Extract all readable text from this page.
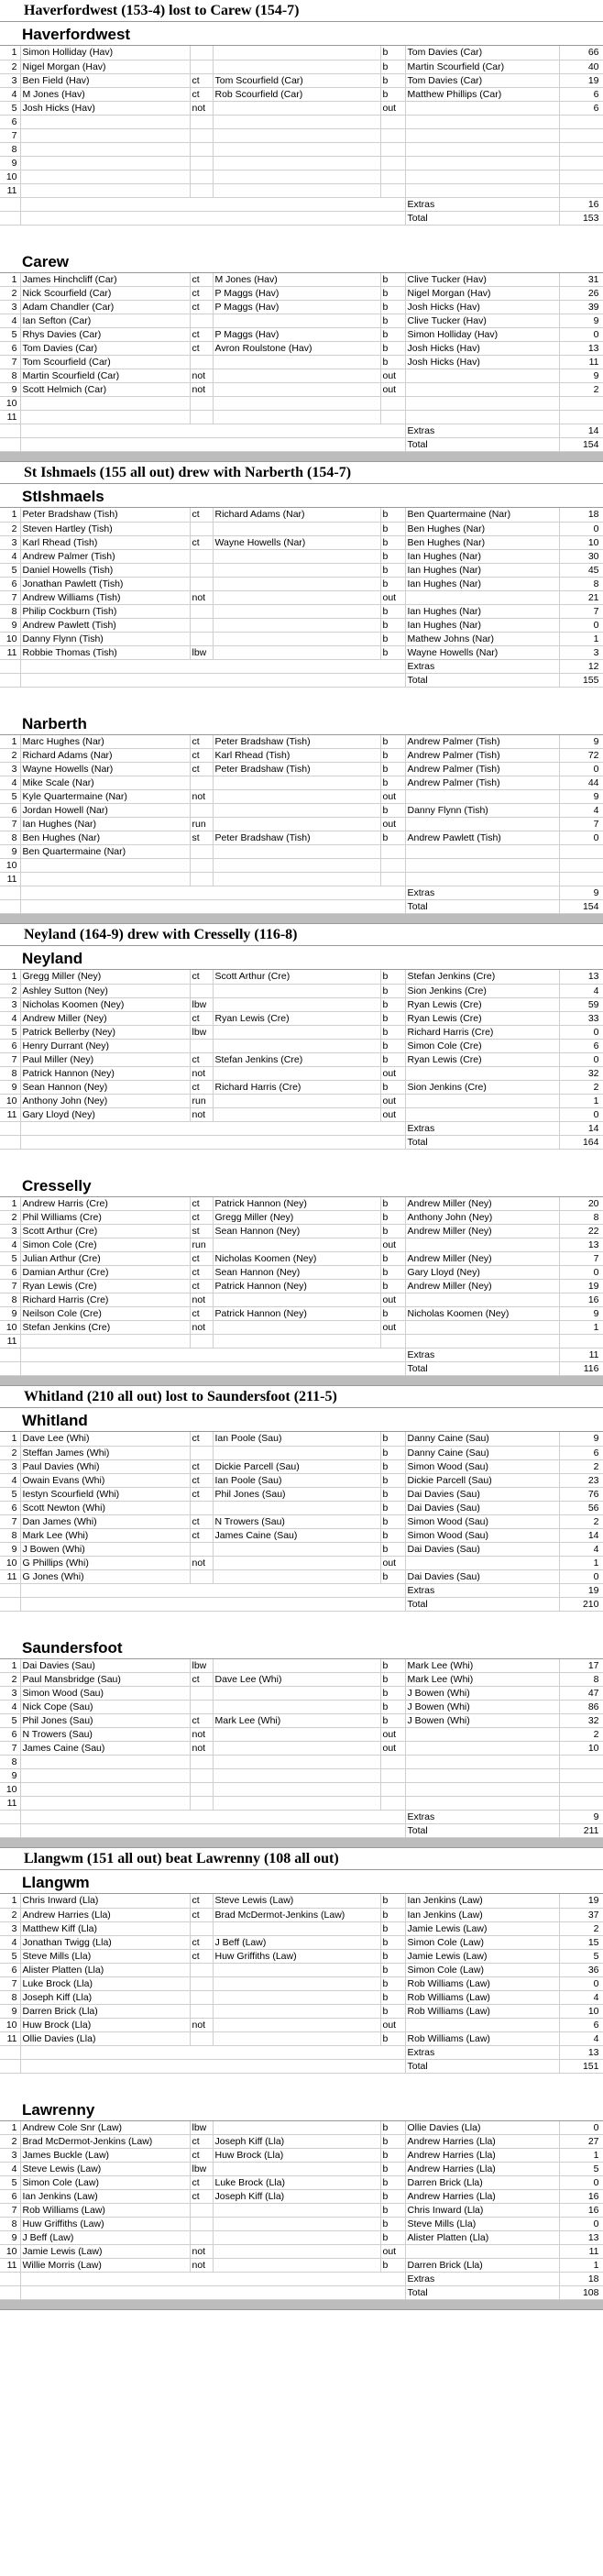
Haverfordwest (153-4) lost to Carew (154-7)
Haverfordwest
1	Simon Holliday (Hav)			b	Tom Davies (Car)	66
2	Nigel Morgan (Hav)			b	Martin Scourfield (Car)	40
3	Ben Field (Hav)	ct	Tom Scourfield (Car)	b	Tom Davies (Car)	19
4	M Jones (Hav)	ct	Rob Scourfield (Car)	b	Matthew Phillips (Car)	6
5	Josh Hicks (Hav)	not		out		6
6						
7						
8						
9						
10						
11						
					Extras	16
					Total	153
Carew
1	James Hinchcliff (Car)	ct	M Jones (Hav)	b	Clive Tucker (Hav)	31
2	Nick Scourfield (Car)	ct	P Maggs (Hav)	b	Nigel Morgan (Hav)	26
3	Adam Chandler (Car)	ct	P Maggs (Hav)	b	Josh Hicks (Hav)	39
4	Ian Sefton (Car)			b	Clive Tucker (Hav)	9
5	Rhys Davies (Car)	ct	P Maggs (Hav)	b	Simon Holliday (Hav)	0
6	Tom Davies (Car)	ct	Avron Roulstone (Hav)	b	Josh Hicks (Hav)	13
7	Tom Scourfield (Car)			b	Josh Hicks (Hav)	11
8	Martin Scourfield (Car)	not		out		9
9	Scott Helmich (Car)	not		out		2
10						
11						
					Extras	14
					Total	154
St Ishmaels (155 all out) drew with Narberth (154-7)
StIshmaels
1	Peter Bradshaw (Tish)	ct	Richard Adams (Nar)	b	Ben Quartermaine (Nar)	18
2	Steven Hartley (Tish)			b	Ben Hughes (Nar)	0
3	Karl Rhead (Tish)	ct	Wayne Howells (Nar)	b	Ben Hughes (Nar)	10
4	Andrew Palmer (Tish)			b	Ian Hughes (Nar)	30
5	Daniel Howells (Tish)			b	Ian Hughes (Nar)	45
6	Jonathan Pawlett (Tish)			b	Ian Hughes (Nar)	8
7	Andrew Williams (Tish)	not		out		21
8	Philip Cockburn (Tish)			b	Ian Hughes (Nar)	7
9	Andrew Pawlett (Tish)			b	Ian Hughes (Nar)	0
10	Danny Flynn (Tish)			b	Mathew Johns (Nar)	1
11	Robbie Thomas (Tish)	lbw		b	Wayne Howells (Nar)	3
					Extras	12
					Total	155
Narberth
1	Marc Hughes (Nar)	ct	Peter Bradshaw (Tish)	b	Andrew Palmer (Tish)	9
2	Richard Adams (Nar)	ct	Karl Rhead (Tish)	b	Andrew Palmer (Tish)	72
3	Wayne Howells (Nar)	ct	Peter Bradshaw (Tish)	b	Andrew Palmer (Tish)	0
4	Mike Scale (Nar)			b	Andrew Palmer (Tish)	44
5	Kyle Quartermaine (Nar)	not		out		9
6	Jordan Howell (Nar)			b	Danny Flynn (Tish)	4
7	Ian Hughes (Nar)	run		out		7
8	Ben Hughes (Nar)	st	Peter Bradshaw (Tish)	b	Andrew Pawlett (Tish)	0
9	Ben Quartermaine (Nar)					
10						
11						
					Extras	9
					Total	154
Neyland (164-9) drew with Cresselly (116-8)
Neyland
1	Gregg Miller (Ney)	ct	Scott Arthur (Cre)	b	Stefan Jenkins (Cre)	13
2	Ashley Sutton (Ney)			b	Sion Jenkins (Cre)	4
3	Nicholas Koomen (Ney)	lbw		b	Ryan Lewis (Cre)	59
4	Andrew Miller (Ney)	ct	Ryan Lewis (Cre)	b	Ryan Lewis (Cre)	33
5	Patrick Bellerby (Ney)	lbw		b	Richard Harris (Cre)	0
6	Henry Durrant (Ney)			b	Simon Cole (Cre)	6
7	Paul Miller (Ney)	ct	Stefan Jenkins (Cre)	b	Ryan Lewis (Cre)	0
8	Patrick Hannon (Ney)	not		out		32
9	Sean Hannon (Ney)	ct	Richard Harris (Cre)	b	Sion Jenkins (Cre)	2
10	Anthony John (Ney)	run		out		1
11	Gary Lloyd (Ney)	not		out		0
					Extras	14
					Total	164
Cresselly
1	Andrew Harris (Cre)	ct	Patrick Hannon (Ney)	b	Andrew Miller (Ney)	20
2	Phil Williams (Cre)	ct	Gregg Miller (Ney)	b	Anthony John (Ney)	8
3	Scott Arthur (Cre)	st	Sean Hannon (Ney)	b	Andrew Miller (Ney)	22
4	Simon Cole (Cre)	run		out		13
5	Julian Arthur (Cre)	ct	Nicholas Koomen (Ney)	b	Andrew Miller (Ney)	7
6	Damian Arthur (Cre)	ct	Sean Hannon (Ney)	b	Gary Lloyd (Ney)	0
7	Ryan Lewis (Cre)	ct	Patrick Hannon (Ney)	b	Andrew Miller (Ney)	19
8	Richard Harris (Cre)	not		out		16
9	Neilson Cole (Cre)	ct	Patrick Hannon (Ney)	b	Nicholas Koomen (Ney)	9
10	Stefan Jenkins (Cre)	not		out		1
11						
					Extras	11
					Total	116
Whitland (210 all out) lost to Saundersfoot (211-5)
Whitland
1	Dave Lee (Whi)	ct	Ian Poole (Sau)	b	Danny Caine (Sau)	9
2	Steffan James (Whi)			b	Danny Caine (Sau)	6
3	Paul Davies (Whi)	ct	Dickie Parcell (Sau)	b	Simon Wood (Sau)	2
4	Owain Evans (Whi)	ct	Ian Poole (Sau)	b	Dickie Parcell (Sau)	23
5	Iestyn Scourfield (Whi)	ct	Phil Jones (Sau)	b	Dai Davies (Sau)	76
6	Scott Newton (Whi)			b	Dai Davies (Sau)	56
7	Dan James (Whi)	ct	N Trowers (Sau)	b	Simon Wood (Sau)	2
8	Mark Lee (Whi)	ct	James Caine (Sau)	b	Simon Wood (Sau)	14
9	J Bowen (Whi)			b	Dai Davies (Sau)	4
10	G Phillips (Whi)	not		out		1
11	G Jones (Whi)			b	Dai Davies (Sau)	0
					Extras	19
					Total	210
Saundersfoot
1	Dai Davies (Sau)	lbw		b	Mark Lee (Whi)	17
2	Paul Mansbridge (Sau)	ct	Dave Lee (Whi)	b	Mark Lee (Whi)	8
3	Simon Wood (Sau)			b	J Bowen (Whi)	47
4	Nick Cope (Sau)			b	J Bowen (Whi)	86
5	Phil Jones (Sau)	ct	Mark Lee (Whi)	b	J Bowen (Whi)	32
6	N Trowers (Sau)	not		out		2
7	James Caine (Sau)	not		out		10
8						
9						
10						
11						
					Extras	9
					Total	211
Llangwm (151 all out) beat Lawrenny (108 all out)
Llangwm
1	Chris Inward (Lla)	ct	Steve Lewis (Law)	b	Ian Jenkins (Law)	19
2	Andrew Harries (Lla)	ct	Brad McDermot-Jenkins (Law)	b	Ian Jenkins (Law)	37
3	Matthew Kiff (Lla)			b	Jamie Lewis (Law)	2
4	Jonathan Twigg (Lla)	ct	J Beff (Law)	b	Simon Cole (Law)	15
5	Steve Mills (Lla)	ct	Huw Griffiths (Law)	b	Jamie Lewis (Law)	5
6	Alister Platten (Lla)			b	Simon Cole (Law)	36
7	Luke Brock (Lla)			b	Rob Williams (Law)	0
8	Joseph Kiff (Lla)			b	Rob Williams (Law)	4
9	Darren Brick (Lla)			b	Rob Williams (Law)	10
10	Huw Brock (Lla)	not		out		6
11	Ollie Davies (Lla)			b	Rob Williams (Law)	4
					Extras	13
					Total	151
Lawrenny
1	Andrew Cole Snr (Law)	lbw		b	Ollie Davies (Lla)	0
2	Brad McDermot-Jenkins (Law)	ct	Joseph Kiff (Lla)	b	Andrew Harries (Lla)	27
3	James Buckle (Law)	ct	Huw Brock (Lla)	b	Andrew Harries (Lla)	1
4	Steve Lewis (Law)	lbw		b	Andrew Harries (Lla)	5
5	Simon Cole (Law)	ct	Luke Brock (Lla)	b	Darren Brick (Lla)	0
6	Ian Jenkins (Law)	ct	Joseph Kiff (Lla)	b	Andrew Harries (Lla)	16
7	Rob Williams (Law)			b	Chris Inward (Lla)	16
8	Huw Griffiths (Law)			b	Steve Mills (Lla)	0
9	J Beff (Law)			b	Alister Platten (Lla)	13
10	Jamie Lewis (Law)	not		out		11
11	Willie Morris (Law)	not		b	Darren Brick (Lla)	1
					Extras	18
					Total	108
